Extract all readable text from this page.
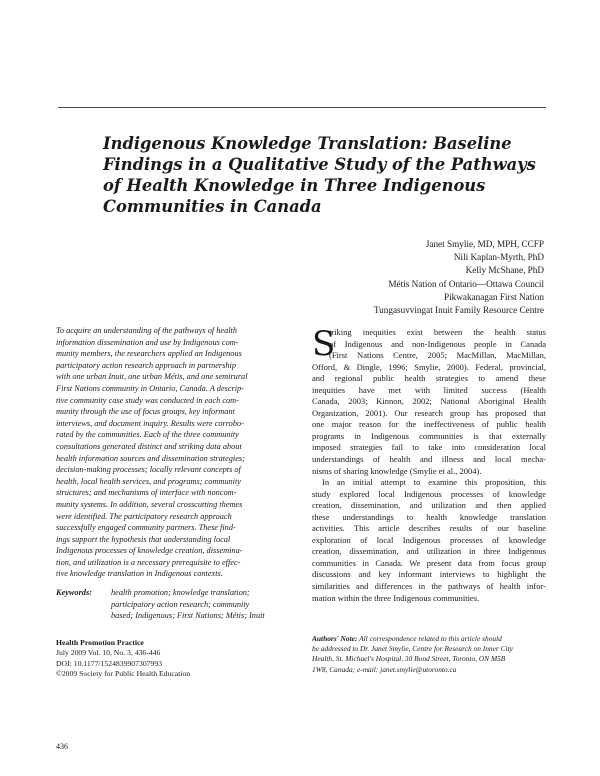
Indigenous Knowledge Translation: Baseline
Findings in a Qualitative Study of the Pathways
of Health Knowledge in Three Indigenous
Communities in Canada
Janet Smylie, MD, MPH, CCFP
Nili Kaplan-Myrth, PhD
Kelly McShane, PhD
Métis Nation of Ontario—Ottawa Council
Pikwakanagan First Nation
Tungasuvvingat Inuit Family Resource Centre
To acquire an understanding of the pathways of health
information dissemination and use by Indigenous com-
munity members, the researchers applied an Indigenous
participatory action research approach in partnership
with one urban Inuit, one urban Métis, and one semirural
First Nations community in Ontario, Canada. A descrip-
tive community case study was conducted in each com-
munity through the use of focus groups, key informant
interviews, and document inquiry. Results were corrobo-
rated by the communities. Each of the three community
consultations generated distinct and striking data about
health information sources and dissemination strategies;
decision-making processes; locally relevant concepts of
health, local health services, and programs; community
structures; and mechanisms of interface with noncom-
munity systems. In addition, several crosscutting themes
were identified. The participatory research approach
successfully engaged community partners. These find-
ings support the hypothesis that understanding local
Indigenous processes of knowledge creation, dissemina-
tion, and utilization is a necessary prerequisite to effec-
tive knowledge translation in Indigenous contexts.
Keywords: health promotion; knowledge translation;
participatory action research; community
based; Indigenous; First Nations; Métis; Inuit
Health Promotion Practice
July 2009 Vol. 10, No. 3, 436-446
DOI: 10.1177/1524839907307993
©2009 Society for Public Health Education
S
triking inequities exist between the health status
of Indigenous and non-Indigenous people in Canada
(First Nations Centre, 2005; MacMillan, MacMillan,
Offord, & Dingle, 1996; Smylie, 2000). Federal, provincial,
and regional public health strategies to amend these
inequities have met with limited success (Health
Canada, 2003; Kinnon, 2002; National Aboriginal Health
Organization, 2001). Our research group has proposed that
one major reason for the ineffectiveness of public health
programs in Indigenous communities is that externally
imposed strategies fail to take into consideration local
understandings of health and illness and local mecha-
nisms of sharing knowledge (Smylie et al., 2004).
In an initial attempt to examine this proposition, this
study explored local Indigenous processes of knowledge
creation, dissemination, and utilization and then applied
these understandings to health knowledge translation
activities. This article describes results of our baseline
exploration of local Indigenous processes of knowledge
creation, dissemination, and utilization in three Indigenous
communities in Canada. We present data from focus group
discussions and key informant interviews to highlight the
similarities and differences in the pathways of health infor-
mation within the three Indigenous communities.
Authors' Note: All correspondence related to this article should
be addressed to Dr. Janet Smylie, Centre for Research on Inner City
Health, St. Michael's Hospital, 30 Bond Street, Toronto, ON M5B
1W8, Canada; e-mail: janet.smylie@utoronto.ca
436
